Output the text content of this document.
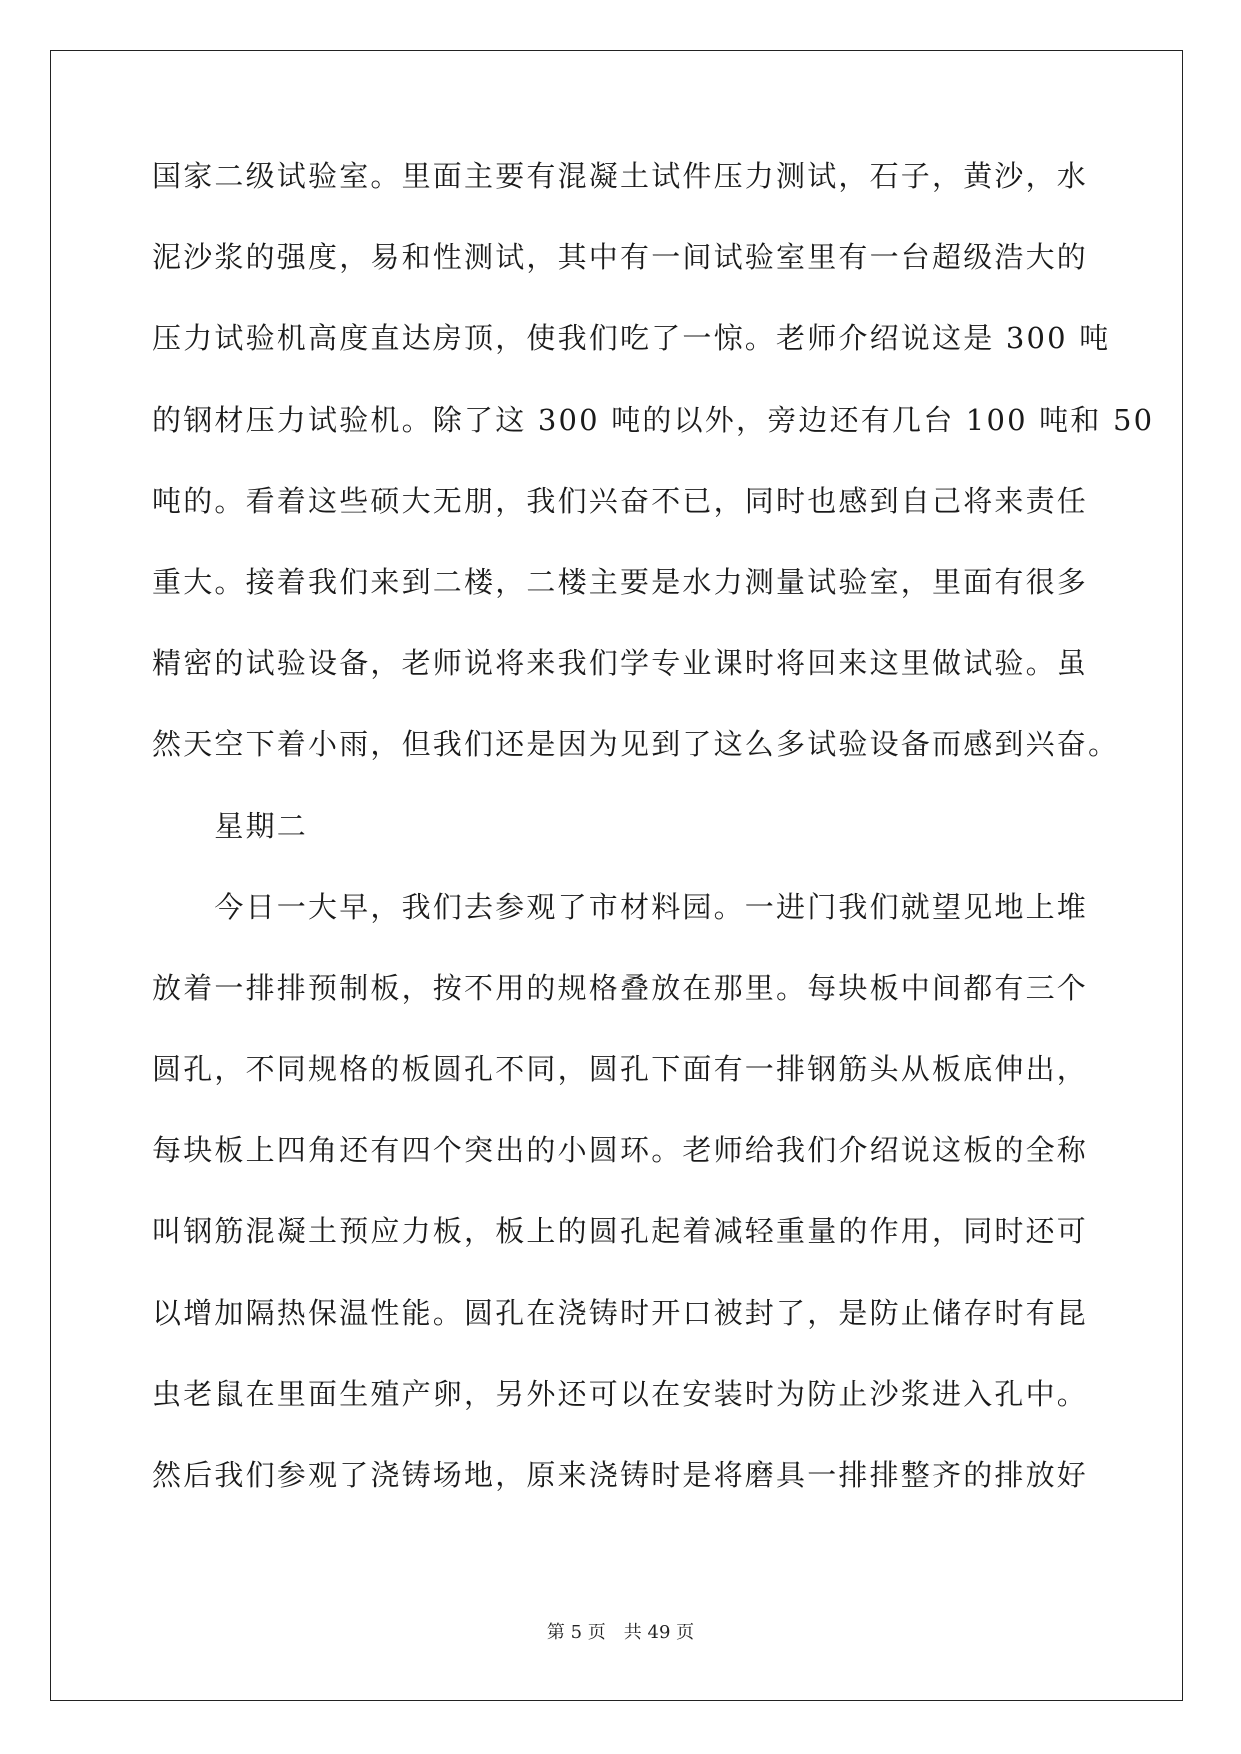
国家二级试验室。里面主要有混凝土试件压力测试，石子，黄沙，水
泥沙浆的强度，易和性测试，其中有一间试验室里有一台超级浩大的
压力试验机高度直达房顶，使我们吃了一惊。老师介绍说这是 300 吨
的钢材压力试验机。除了这 300 吨的以外，旁边还有几台 100 吨和 50
吨的。看着这些硕大无朋，我们兴奋不已，同时也感到自己将来责任
重大。接着我们来到二楼，二楼主要是水力测量试验室，里面有很多
精密的试验设备，老师说将来我们学专业课时将回来这里做试验。虽
然天空下着小雨，但我们还是因为见到了这么多试验设备而感到兴奋。
　　星期二
　　今日一大早，我们去参观了市材料园。一进门我们就望见地上堆
放着一排排预制板，按不用的规格叠放在那里。每块板中间都有三个
圆孔，不同规格的板圆孔不同，圆孔下面有一排钢筋头从板底伸出，
每块板上四角还有四个突出的小圆环。老师给我们介绍说这板的全称
叫钢筋混凝土预应力板，板上的圆孔起着减轻重量的作用，同时还可
以增加隔热保温性能。圆孔在浇铸时开口被封了，是防止储存时有昆
虫老鼠在里面生殖产卵，另外还可以在安装时为防止沙浆进入孔中。
然后我们参观了浇铸场地，原来浇铸时是将磨具一排排整齐的排放好
第 5 页 共 49 页
